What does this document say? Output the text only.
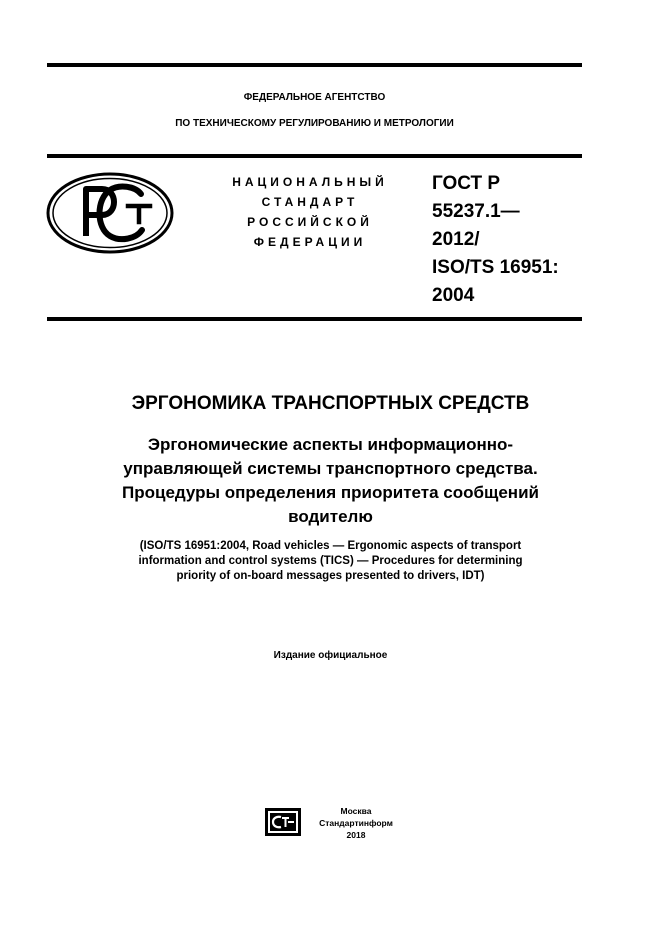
ФЕДЕРАЛЬНОЕ АГЕНТСТВО
ПО ТЕХНИЧЕСКОМУ РЕГУЛИРОВАНИЮ И МЕТРОЛОГИИ
НАЦИОНАЛЬНЫЙ
СТАНДАРТ
РОССИЙСКОЙ
ФЕДЕРАЦИИ
ГОСТ Р
55237.1—
2012/
ISO/TS 16951:
2004
ЭРГОНОМИКА ТРАНСПОРТНЫХ СРЕДСТВ
Эргономические аспекты информационно-
управляющей системы транспортного средства.
Процедуры определения приоритета сообщений
водителю
(ISO/TS 16951:2004, Road vehicles — Ergonomic aspects of transport
information and control systems (TICS) — Procedures for determining
priority of on-board messages presented to drivers, IDT)
Издание официальное
Москва
Стандартинформ
2018
